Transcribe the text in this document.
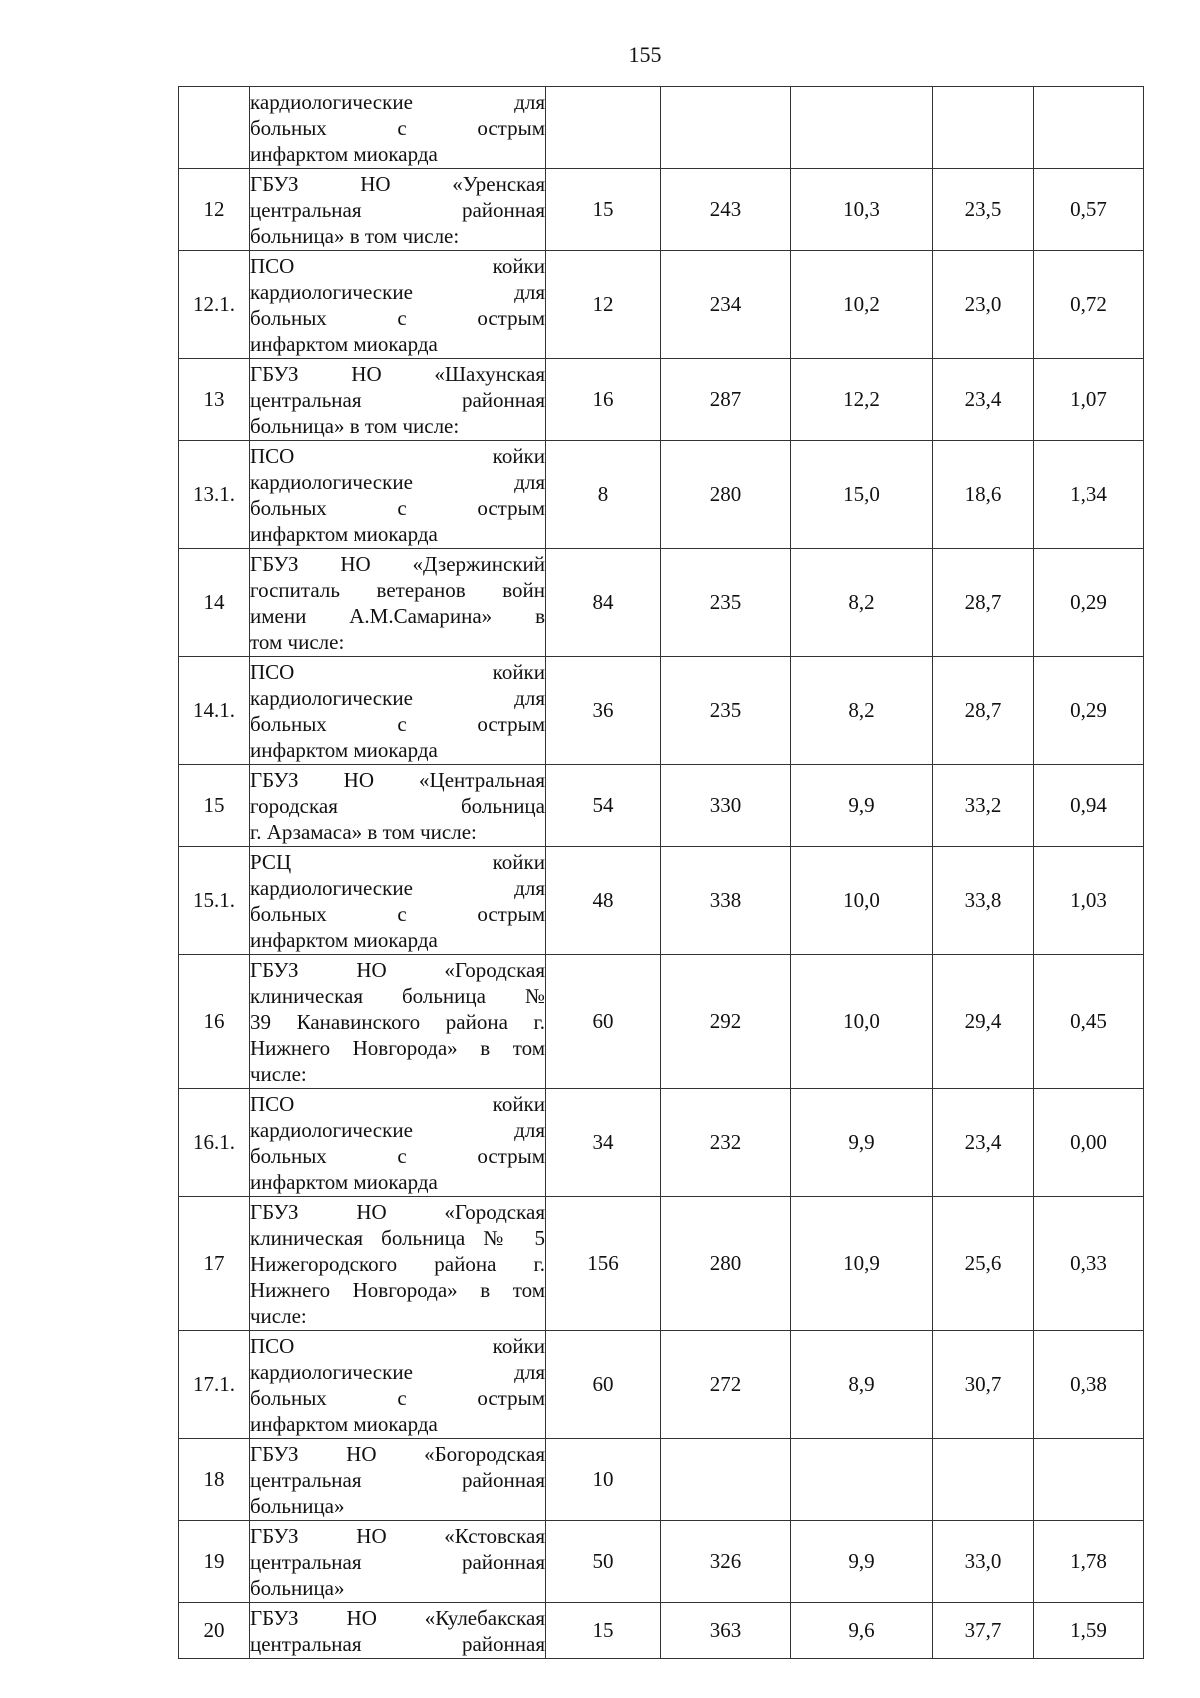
155

	кардиологические для
больных с острым
инфарктом миокарда					

12	ГБУЗ НО «Уренская
центральная районная
больница» в том числе:	15	243	10,3	23,5	0,57
12.1.	ПСО койки
кардиологические для
больных с острым
инфарктом миокарда	12	234	10,2	23,0	0,72
13	ГБУЗ НО «Шахунская
центральная районная
больница» в том числе:	16	287	12,2	23,4	1,07
13.1.	ПСО койки
кардиологические для
больных с острым
инфарктом миокарда	8	280	15,0	18,6	1,34
14	ГБУЗ НО «Дзержинский
госпиталь ветеранов войн
имени А.М.Самарина» в
том числе:	84	235	8,2	28,7	0,29
14.1.	ПСО койки
кардиологические для
больных с острым
инфарктом миокарда	36	235	8,2	28,7	0,29
15	ГБУЗ НО «Центральная
городская больница
г. Арзамаса» в том числе:	54	330	9,9	33,2	0,94
15.1.	РСЦ койки
кардиологические для
больных с острым
инфарктом миокарда	48	338	10,0	33,8	1,03
16	ГБУЗ НО «Городская
клиническая больница №
39 Канавинского района г.
Нижнего Новгорода» в том
числе:	60	292	10,0	29,4	0,45
16.1.	ПСО койки
кардиологические для
больных с острым
инфарктом миокарда	34	232	9,9	23,4	0,00
17	ГБУЗ НО «Городская
клиническая больница № 5
Нижегородского района г.
Нижнего Новгорода» в том
числе:	156	280	10,9	25,6	0,33
17.1.	ПСО койки
кардиологические для
больных с острым
инфарктом миокарда	60	272	8,9	30,7	0,38
18	ГБУЗ НО «Богородская
центральная районная
больница»	10				
19	ГБУЗ НО «Кстовская
центральная районная
больница»	50	326	9,9	33,0	1,78
20	ГБУЗ НО «Кулебакская
центральная районная	15	363	9,6	37,7	1,59
